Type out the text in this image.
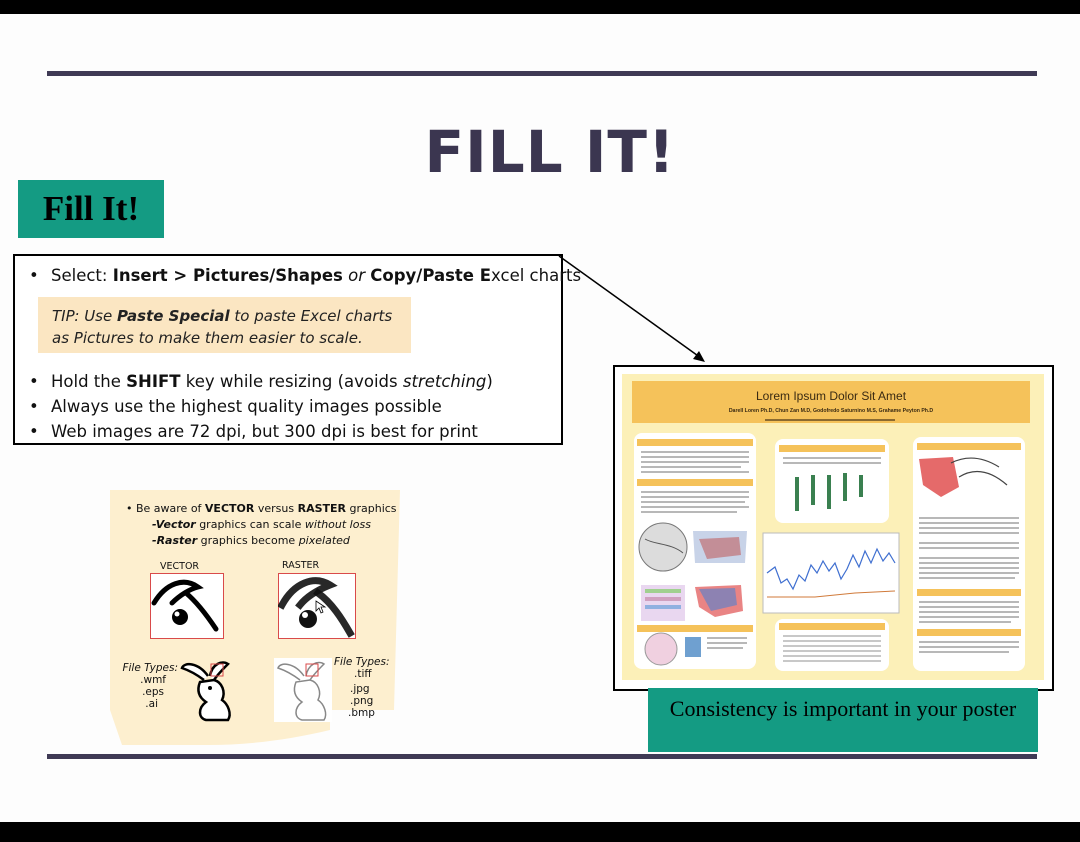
FILL IT!
Fill It!
Select: Insert > Pictures/Shapes or Copy/Paste Excel charts
TIP: Use Paste Special to paste Excel charts
as Pictures to make them easier to scale.
Hold the SHIFT key while resizing (avoids stretching)
Always use the highest quality images possible
Web images are 72 dpi, but 300 dpi is best for print
• Be aware of VECTOR versus RASTER graphics
-Vector graphics can scale without loss
-Raster graphics become pixelated
VECTOR	RASTER
File Types:
.wmf
.eps
.ai
File Types:
.tiff
.jpg
.png
.bmp
Lorem Ipsum Dolor Sit Amet
Darell Loren Ph.D, Chun Zan M.D, Godofredo Saturnino M.S, Grahame Peyton Ph.D
Consistency is important in your poster
